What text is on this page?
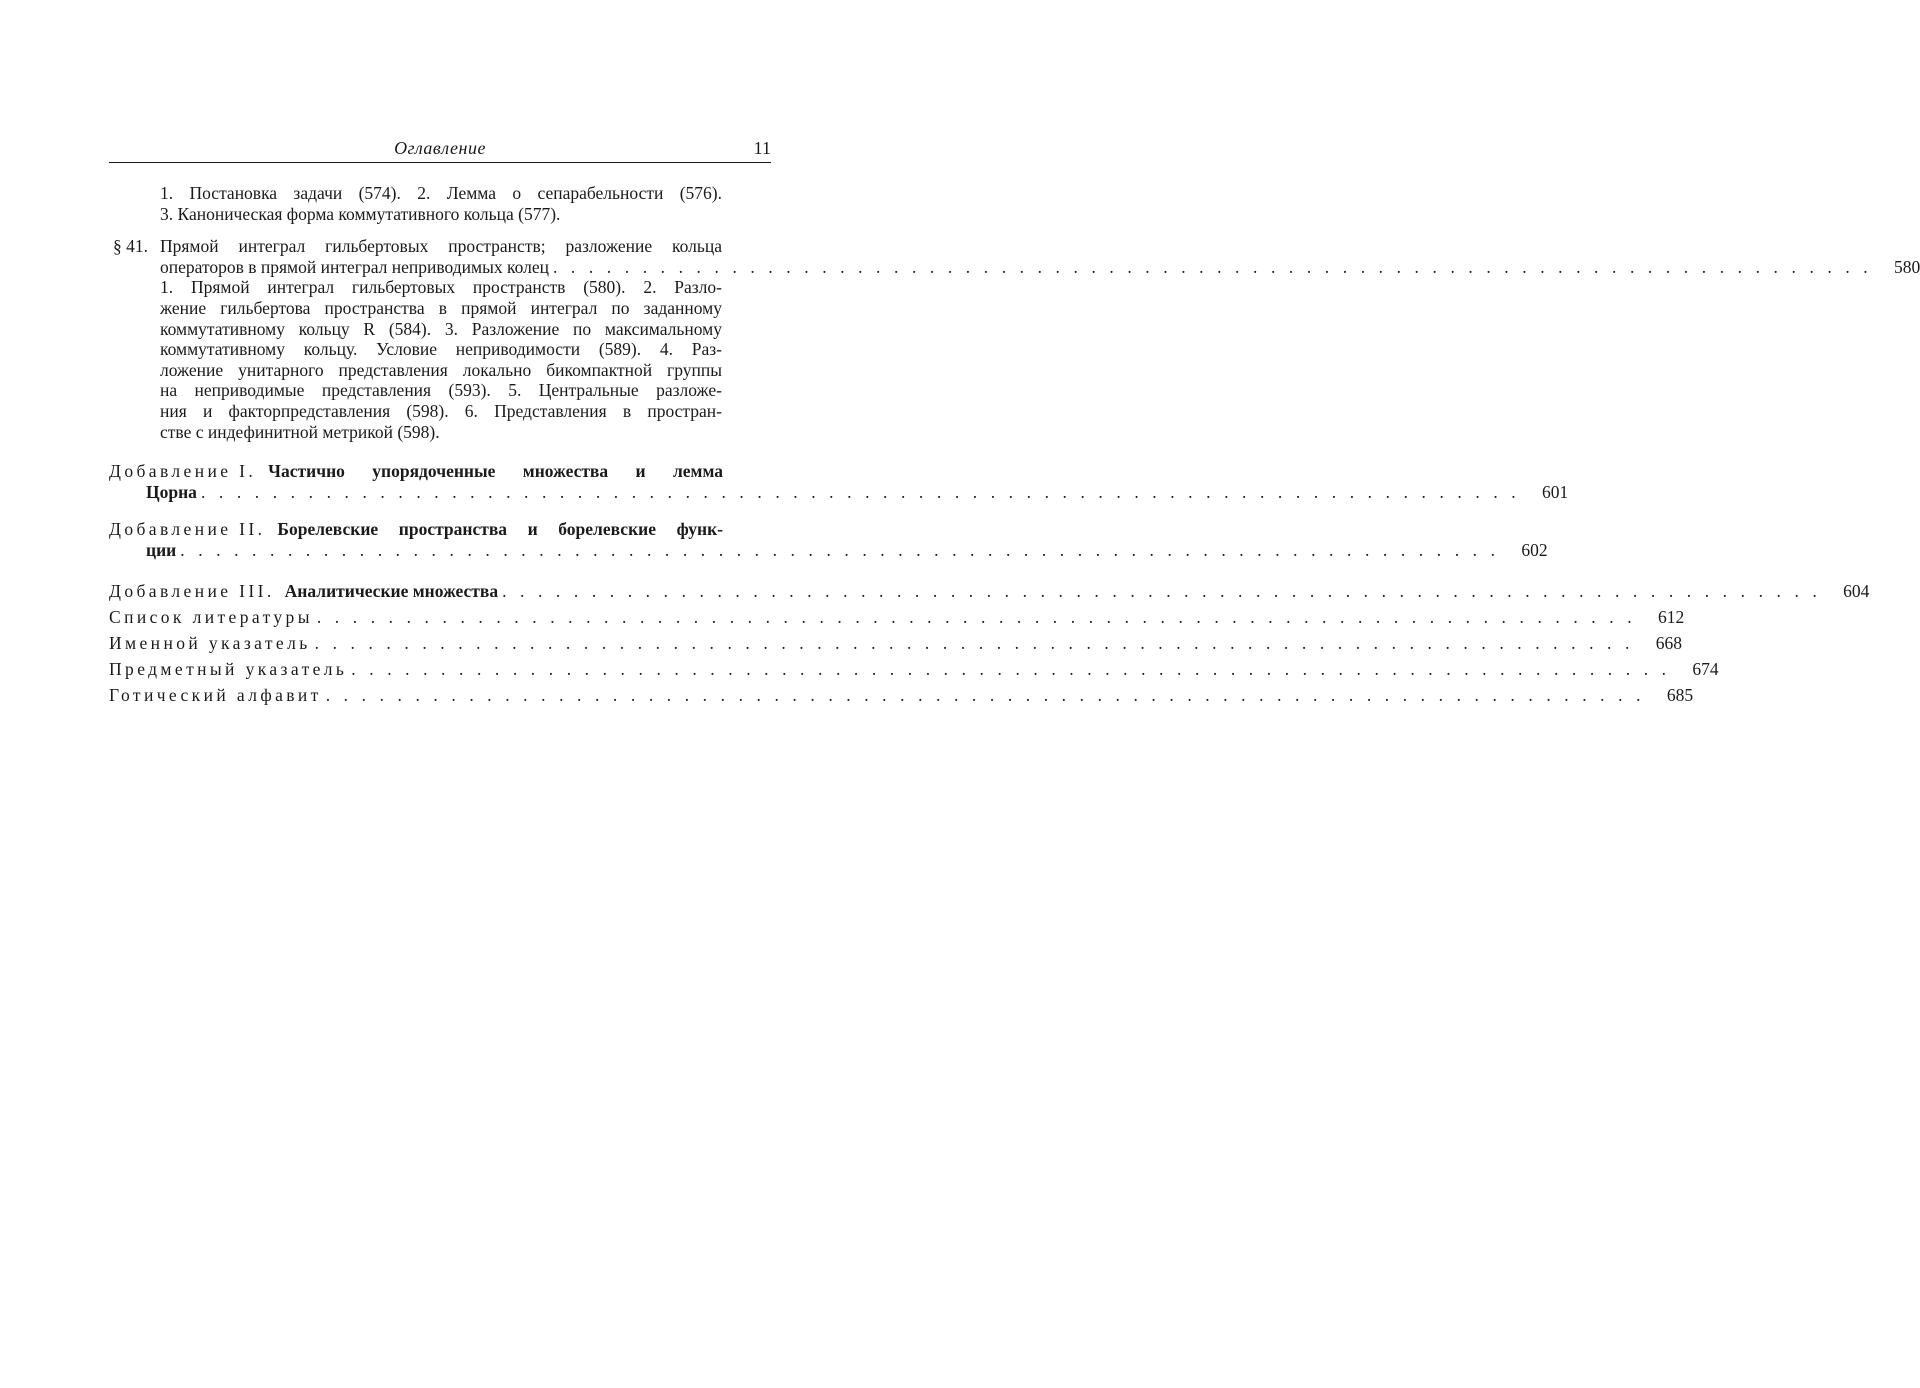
Оглавление	11
1. Постановка задачи (574). 2. Лемма о сепарабельности (576).
3. Каноническая форма коммутативного кольца (577).
§ 41. Прямой интеграл гильбертовых пространств; разложение кольца
операторов в прямой интеграл неприводимых колец . . . . . . . . . . . . . . . . . . . . . . . . . . . . . . . . . . . . . . . . . . . . . . . . . . . . . . . . . . . . . . . . . . . . . . . . . .	580
1. Прямой интеграл гильбертовых пространств (580). 2. Разло-
жение гильбертова пространства в прямой интеграл по заданному
коммутативному кольцу R (584). 3. Разложение по максимальному
коммутативному кольцу. Условие неприводимости (589). 4. Раз-
ложение унитарного представления локально бикомпактной группы
на неприводимые представления (593). 5. Центральные разложе-
ния и факторпредставления (598). 6. Представления в простран-
стве с индефинитной метрикой (598).
Добавление I. Частично упорядоченные множества и лемма
Цорна . . . . . . . . . . . . . . . . . . . . . . . . . . . . . . . . . . . . . . . . . . . . . . . . . . . . . . . . . . . . . . . . . . . . . . . . . .	601
Добавление II. Борелевские пространства и борелевские функ-
ции . . . . . . . . . . . . . . . . . . . . . . . . . . . . . . . . . . . . . . . . . . . . . . . . . . . . . . . . . . . . . . . . . . . . . . . . . .	602
Добавление III. Аналитические множества . . . . . . . . . . . . . . . . . . . . . . . . . . . . . . . . . . . . . . . . . . . . . . . . . . . . . . . . . . . . . . . . . . . . . . . . . .	604
Список литературы . . . . . . . . . . . . . . . . . . . . . . . . . . . . . . . . . . . . . . . . . . . . . . . . . . . . . . . . . . . . . . . . . . . . . . . . . .	612
Именной указатель . . . . . . . . . . . . . . . . . . . . . . . . . . . . . . . . . . . . . . . . . . . . . . . . . . . . . . . . . . . . . . . . . . . . . . . . . .	668
Предметный указатель . . . . . . . . . . . . . . . . . . . . . . . . . . . . . . . . . . . . . . . . . . . . . . . . . . . . . . . . . . . . . . . . . . . . . . . . . .	674
Готический алфавит . . . . . . . . . . . . . . . . . . . . . . . . . . . . . . . . . . . . . . . . . . . . . . . . . . . . . . . . . . . . . . . . . . . . . . . . . .	685
